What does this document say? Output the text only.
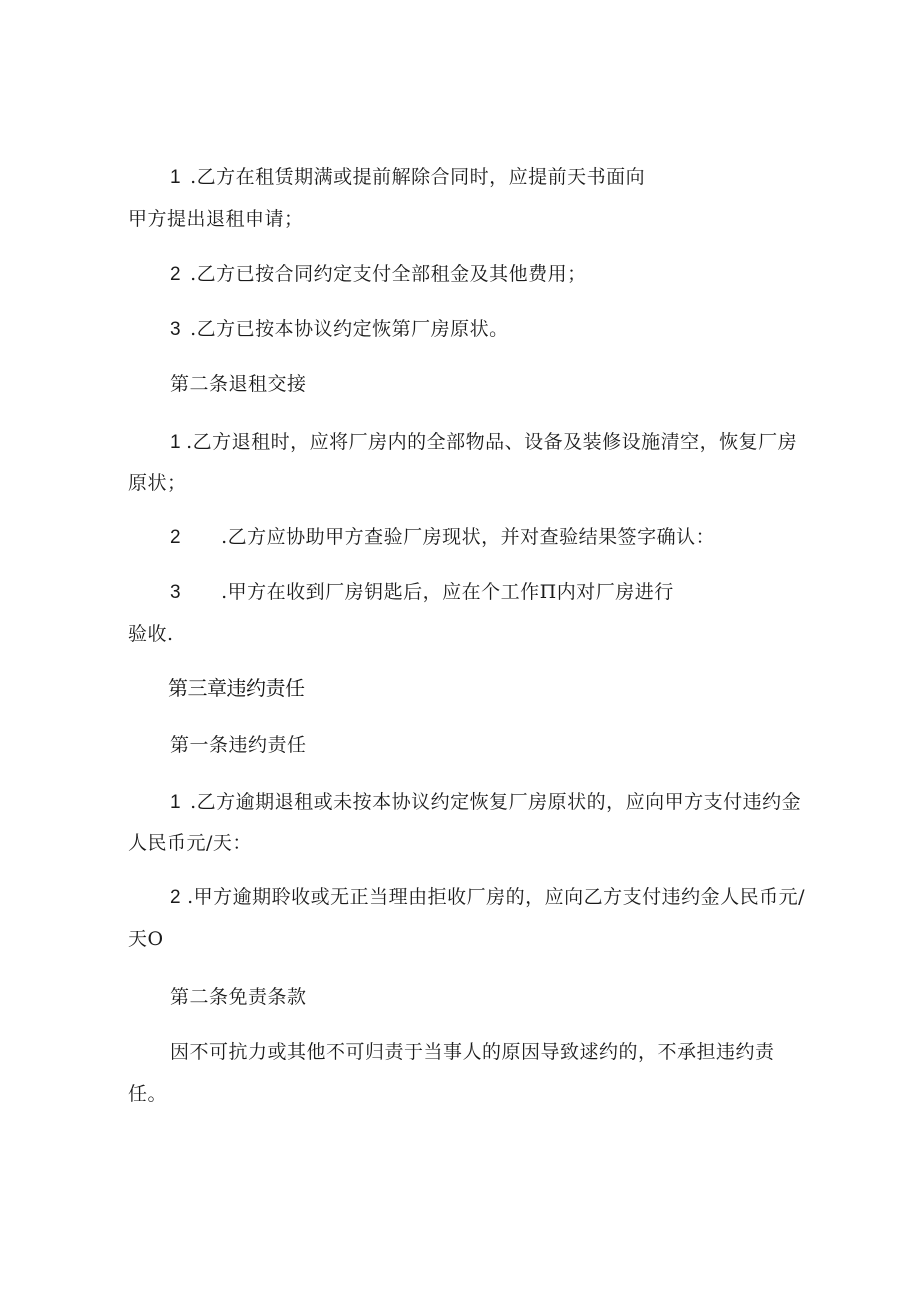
1 .乙方在租赁期满或提前解除合同时，应提前天书面向
甲方提出退租申请；
2 .乙方已按合同约定支付全部租金及其他费用；
3 .乙方已按本协议约定恢第厂房原状。
第二条退租交接
1 .乙方退租时，应将厂房内的全部物品、设备及装修设施清空，恢复厂房
原状；
2 .乙方应协助甲方查验厂房现状，并对查验结果签字确认：
3 .甲方在收到厂房钥匙后，应在个工作Π内对厂房进行
验收.
第三章违约责任
第一条违约责任
1 .乙方逾期退租或未按本协议约定恢复厂房原状的，应向甲方支付违约金
人民币元/天：
2 .甲方逾期聆收或无正当理由拒收厂房的，应向乙方支付违约金人民币元/
天O
第二条免责条款
因不可抗力或其他不可归责于当事人的原因导致逑约的，不承担违约责
任。
